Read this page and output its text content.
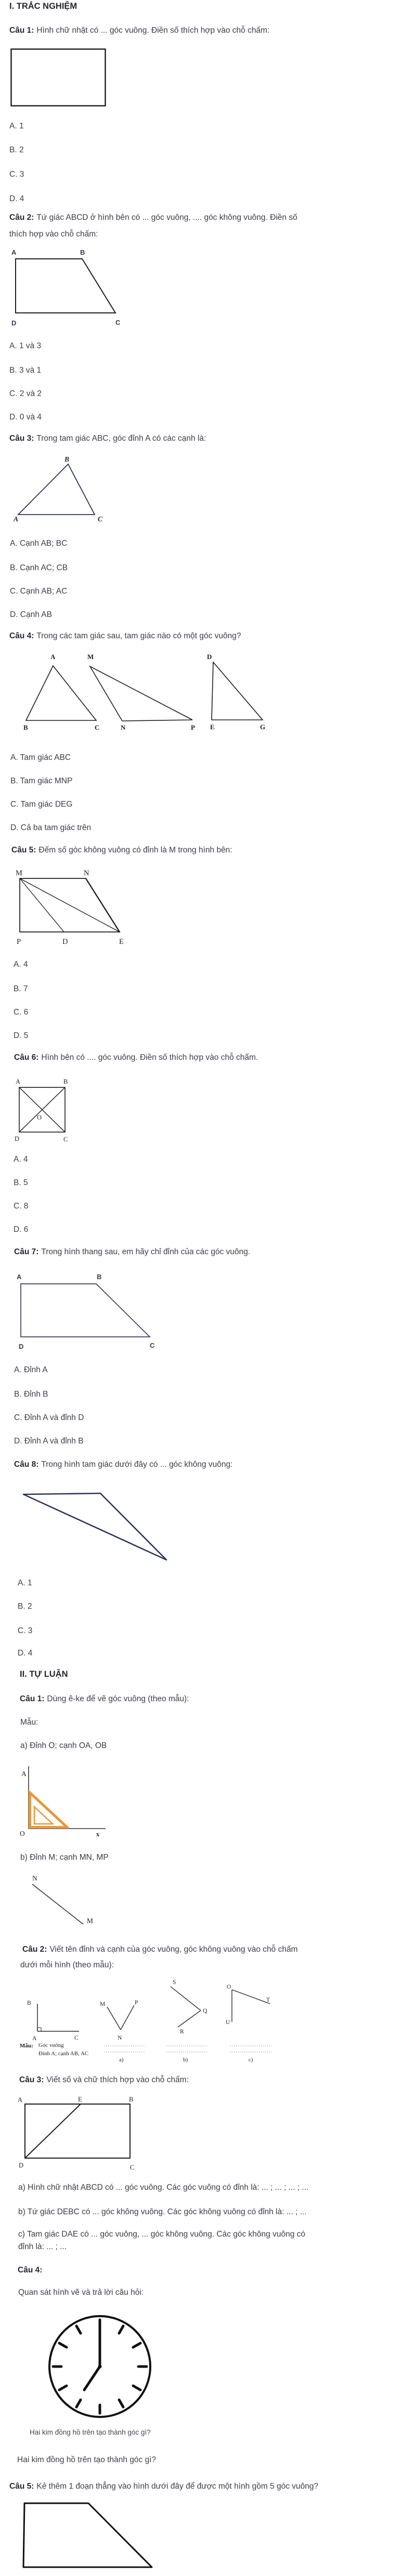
I. TRẮC NGHIỆM
Câu 1: Hình chữ nhật có ... góc vuông. Điền số thích hợp vào chỗ chấm:
A. 1
B. 2
C. 3
D. 4
Câu 2: Tứ giác ABCD ở hình bên có ... góc vuông, .... góc không vuông. Điền số
thích hợp vào chỗ chấm:
A	B
D	C
A. 1 và 3
B. 3 và 1
C. 2 và 2
D. 0 và 4
Câu 3: Trong tam giác ABC, góc đỉnh A có các cạnh là:
B
A	C
A. Cạnh AB; BC
B. Cạnh AC; CB
C. Cạnh AB; AC
D. Cạnh AB
Câu 4: Trong các tam giác sau, tam giác nào có một góc vuông?
A	M	D
B	C	N	P E	G
A. Tam giác ABC
B. Tam giác MNP
C. Tam giác DEG
D. Cả ba tam giác trên
Câu 5: Đếm số góc không vuông có đỉnh là M trong hình bên:
M	N
P	D	E
A. 4
B. 7
C. 6
D. 5
Câu 6: Hình bên có .... góc vuông. Điền số thích hợp vào chỗ chấm.
A	B
O
D	C
A. 4
B. 5
C. 8
D. 6
Câu 7: Trong hình thang sau, em hãy chỉ đỉnh của các góc vuông.
A	B
D	C
A. Đỉnh A
B. Đỉnh B
C. Đỉnh A và đỉnh D
D. Đỉnh A và đỉnh B
Câu 8: Trong hình tam giác dưới đây có ... góc không vuông:
A. 1
B. 2
C. 3
D. 4
II. TỰ LUẬN
Câu 1: Dùng ê-ke để vẽ góc vuông (theo mẫu):
Mẫu:
a) Đỉnh O; cạnh OA, OB
A
O	x
b) Đỉnh M; cạnh MN, MP
N
M
Câu 2: Viết tên đỉnh và cạnh của góc vuông, góc không vuông vào chỗ chấm
dưới mỗi hình (theo mẫu):
B
A	C
Mẫu: Góc vuông
Đỉnh A; cạnh AB, AC
M	P
N
a)
S
Q
R
b)
O
T
U
c)
Câu 3: Viết số và chữ thích hợp vào chỗ chấm:
A	E	B
D	C
a) Hình chữ nhật ABCD có ... góc vuông. Các góc vuông có đỉnh là: ... ; ... ; ... ; ...
b) Tứ giác DEBC có ... góc không vuông. Các góc không vuông có đỉnh là: ... ; ...
c) Tam giác DAE có ... góc vuông, ... góc không vuông. Các góc không vuông có
đỉnh là: ... ; ...
Câu 4:
Quan sát hình vẽ và trả lời câu hỏi:
Hai kim đồng hồ trên tạo thành góc gì?
Hai kim đồng hồ trên tạo thành góc gì?
Câu 5: Kẻ thêm 1 đoạn thẳng vào hình dưới đây để được một hình gồm 5 góc vuông?
